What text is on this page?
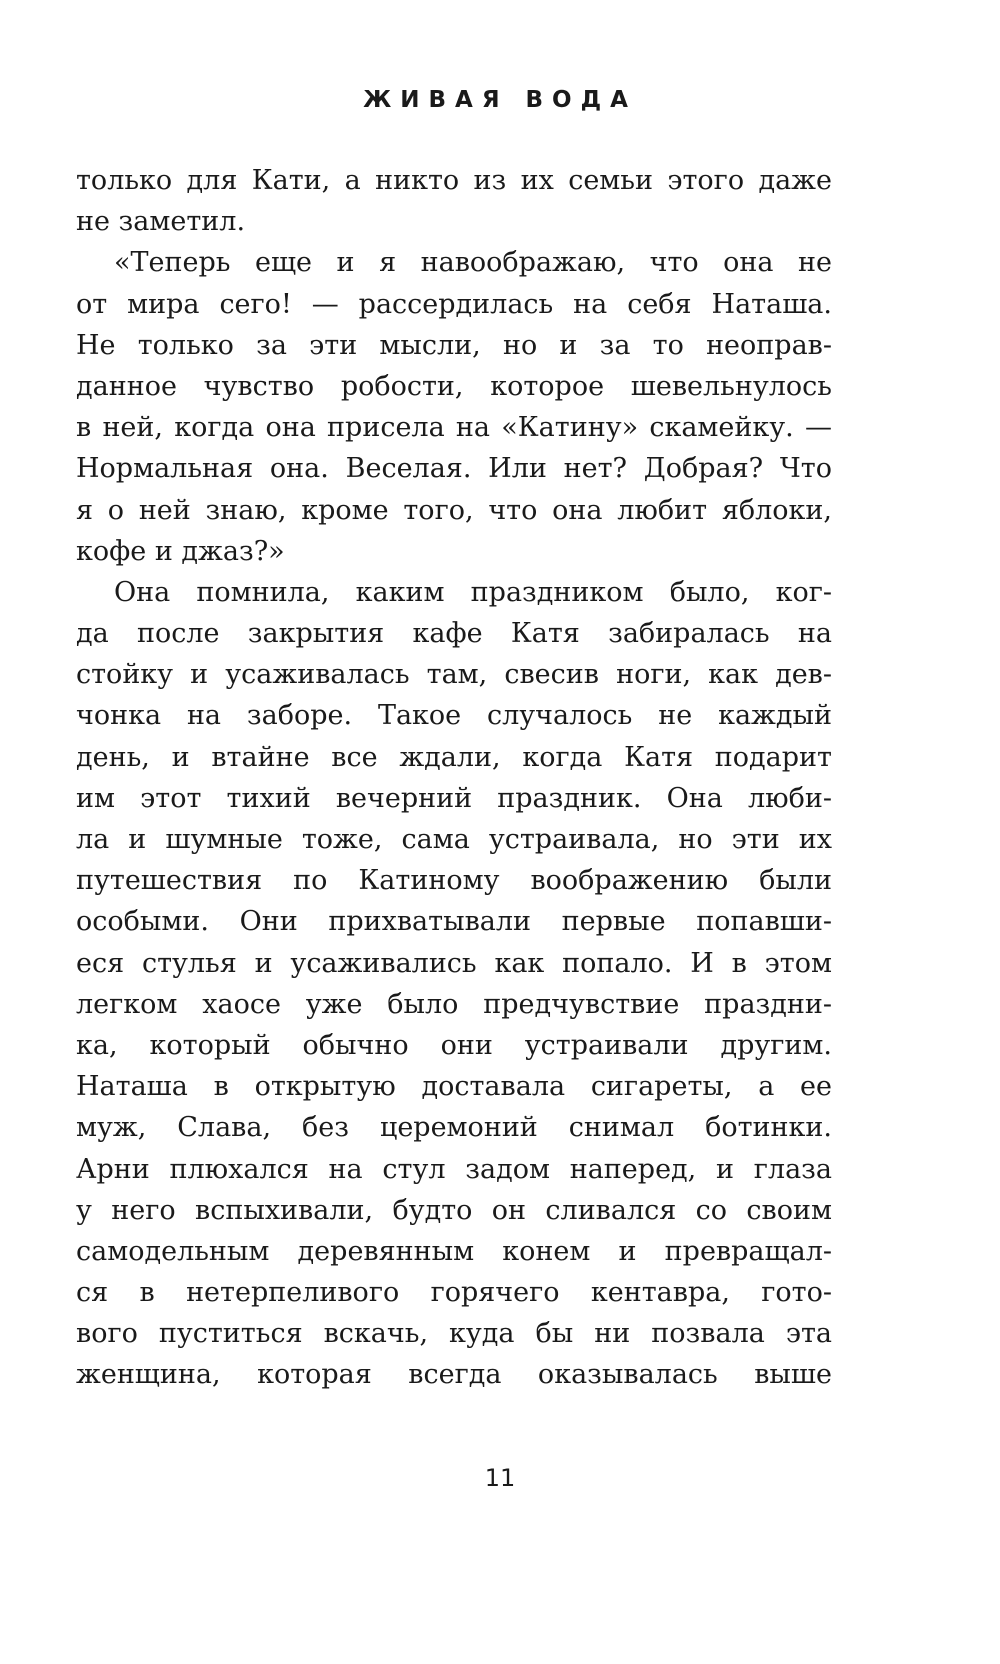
ЖИВАЯ ВОДА
только для Кати, а никто из их семьи этого даже
не заметил.
«Теперь еще и я навоображаю, что она не
от мира сего! — рассердилась на себя Наташа.
Не только за эти мысли, но и за то неоправ-
данное чувство робости, которое шевельнулось
в ней, когда она присела на «Катину» скамейку. —
Нормальная она. Веселая. Или нет? Добрая? Что
я о ней знаю, кроме того, что она любит яблоки,
кофе и джаз?»
Она помнила, каким праздником было, ког-
да после закрытия кафе Катя забиралась на
стойку и усаживалась там, свесив ноги, как дев-
чонка на заборе. Такое случалось не каждый
день, и втайне все ждали, когда Катя подарит
им этот тихий вечерний праздник. Она люби-
ла и шумные тоже, сама устраивала, но эти их
путешествия по Катиному воображению были
особыми. Они прихватывали первые попавши-
еся стулья и усаживались как попало. И в этом
легком хаосе уже было предчувствие праздни-
ка, который обычно они устраивали другим.
Наташа в открытую доставала сигареты, а ее
муж, Слава, без церемоний снимал ботинки.
Арни плюхался на стул задом наперед, и глаза
у него вспыхивали, будто он сливался со своим
самодельным деревянным конем и превращал-
ся в нетерпеливого горячего кентавра, гото-
вого пуститься вскачь, куда бы ни позвала эта
женщина, которая всегда оказывалась выше
11
